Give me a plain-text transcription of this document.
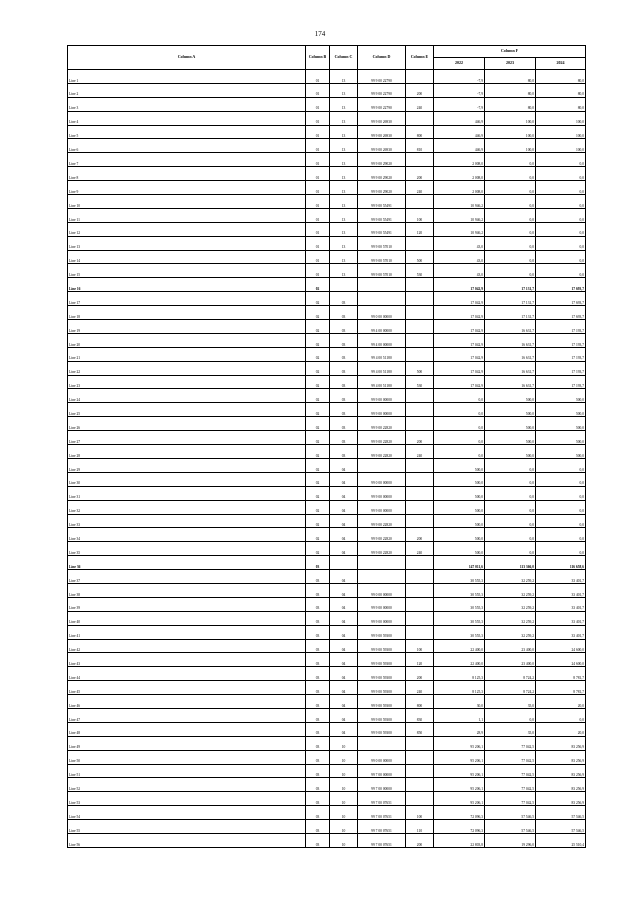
174
Column A	Column B	Column C	Column D	Column E	Column F		
					2022	2023	2024
Line 1	01	13	99 9 00 22790		-7,9	80,0	80,0
Line 2	01	13	99 9 00 22790	200	-7,9	80,0	80,0
Line 3	01	13	99 9 00 22790	240	-7,9	80,0	80,0
Line 4	01	13	99 9 00 26930		446,9	100,0	100,0
Line 5	01	13	99 9 00 26930	800	446,9	100,0	100,0
Line 6	01	13	99 9 00 26930	810	446,9	100,0	100,0
Line 7	01	13	99 9 00 29020		2 008,0	0,0	0,0
Line 8	01	13	99 9 00 29020	200	2 008,0	0,0	0,0
Line 9	01	13	99 9 00 29020	240	2 008,0	0,0	0,0
Line 10	01	13	99 9 00 55491		10 946,2	0,0	0,0
Line 11	01	13	99 9 00 55491	100	10 946,2	0,0	0,0
Line 12	01	13	99 9 00 55491	120	10 946,2	0,0	0,0
Line 13	01	13	99 9 00 57010		43,0	0,0	0,0
Line 14	01	13	99 9 00 57010	500	43,0	0,0	0,0
Line 15	01	13	99 9 00 57010	530	43,0	0,0	0,0
Line 16	02				17 042,9	17 131,7	17 693,7
Line 17	02	03			17 042,9	17 131,7	17 693,7
Line 18	02	03	99 0 00 00000		17 042,9	17 131,7	17 693,7
Line 19	02	03	99 4 00 00000		17 042,9	16 631,7	17 193,7
Line 20	02	03	99 4 00 00000		17 042,9	16 631,7	17 193,7
Line 21	02	03	99 4 00 51180		17 042,9	16 631,7	17 193,7
Line 22	02	03	99 4 00 51180	500	17 042,9	16 631,7	17 193,7
Line 23	02	03	99 4 00 51180	530	17 042,9	16 631,7	17 193,7
Line 24	02	03	99 9 00 00000		0,0	500,0	500,0
Line 25	02	03	99 9 00 00000		0,0	500,0	500,0
Line 26	02	03	99 9 00 22820		0,0	500,0	500,0
Line 27	02	03	99 9 00 22820	200	0,0	500,0	500,0
Line 28	02	03	99 9 00 22820	240	0,0	500,0	500,0
Line 29	02	04			500,0	0,0	0,0
Line 30	02	04	99 0 00 00000		500,0	0,0	0,0
Line 31	02	04	99 9 00 00000		500,0	0,0	0,0
Line 32	02	04	99 9 00 00000		500,0	0,0	0,0
Line 33	02	04	99 9 00 22820		500,0	0,0	0,0
Line 34	02	04	99 9 00 22820	200	500,0	0,0	0,0
Line 35	02	04	99 9 00 22820	240	500,0	0,0	0,0
Line 36	03				147 011,6	113 366,0	116 658,6
Line 37	03	04			30 555,3	32 259,2	33 401,7
Line 38	03	04	99 0 00 00000		30 555,3	32 259,2	33 401,7
Line 39	03	04	99 9 00 00000		30 555,3	32 259,2	33 401,7
Line 40	03	04	99 9 00 00000		30 555,3	32 259,2	33 401,7
Line 41	03	04	99 9 00 59300		30 555,3	32 259,2	33 401,7
Line 42	03	04	99 9 00 59300	100	22 400,0	23 400,0	24 600,0
Line 43	03	04	99 9 00 59300	120	22 400,0	23 400,0	24 600,0
Line 44	03	04	99 9 00 59300	200	8 125,3	8 724,2	8 781,7
Line 45	03	04	99 9 00 59300	240	8 125,3	8 724,2	8 781,7
Line 46	03	04	99 9 00 59300	800	30,0	35,0	20,0
Line 47	03	04	99 9 00 59300	830	1,1	0,0	0,0
Line 48	03	04	99 9 00 59300	850	28,9	35,0	20,0
Line 49	03	10			95 206,1	77 042,5	83 256,9
Line 50	03	10	99 0 00 00000		95 206,1	77 042,5	83 256,9
Line 51	03	10	99 7 00 00000		95 206,1	77 042,5	83 256,9
Line 52	03	10	99 7 00 00000		95 206,1	77 042,5	83 256,9
Line 53	03	10	99 7 00 07651		95 206,1	77 042,5	83 256,9
Line 54	03	10	99 7 00 07651	100	72 096,3	57 546,5	57 546,5
Line 55	03	10	99 7 00 07651	110	72 096,3	57 546,5	57 546,5
Line 56	03	10	99 7 00 07651	200	22 803,8	19 296,0	25 510,4
